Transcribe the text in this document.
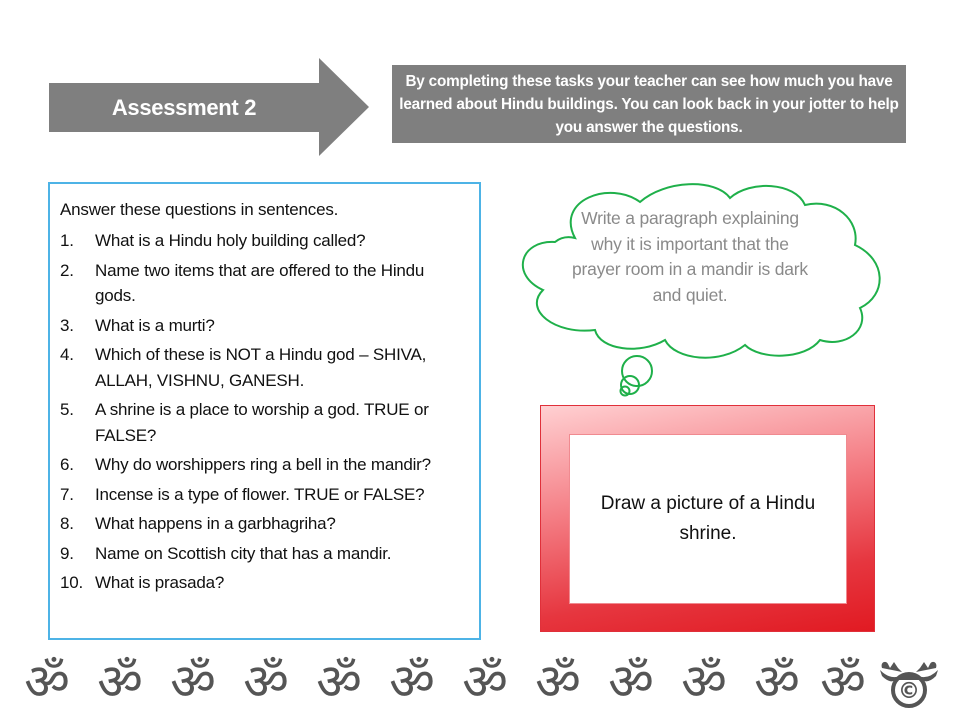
Assessment 2
By completing these tasks your teacher can see how much you have learned about Hindu buildings. You can look back in your jotter to help you answer the questions.

Answer these questions in sentences.

1.	What is a Hindu holy building called?
2.	Name two items that are offered to the Hindu gods.
3.	What is a murti?
4.	Which of these is NOT a Hindu god – SHIVA, ALLAH, VISHNU, GANESH.
5.	A shrine is a place to worship a god. TRUE or FALSE?
6.	Why do worshippers ring a bell in the mandir?
7.	Incense is a type of flower. TRUE or FALSE?
8.	What happens in a garbhagriha?
9.	Name on Scottish city that has a mandir.
10. What is prasada?
Write a paragraph explaining why it is important that the prayer room in a mandir is dark and quiet.
Draw a picture of a Hindu shrine.
ॐ ॐ ॐ ॐ ॐ ॐ ॐ ॐ ॐ ॐ ॐ ॐ	©
